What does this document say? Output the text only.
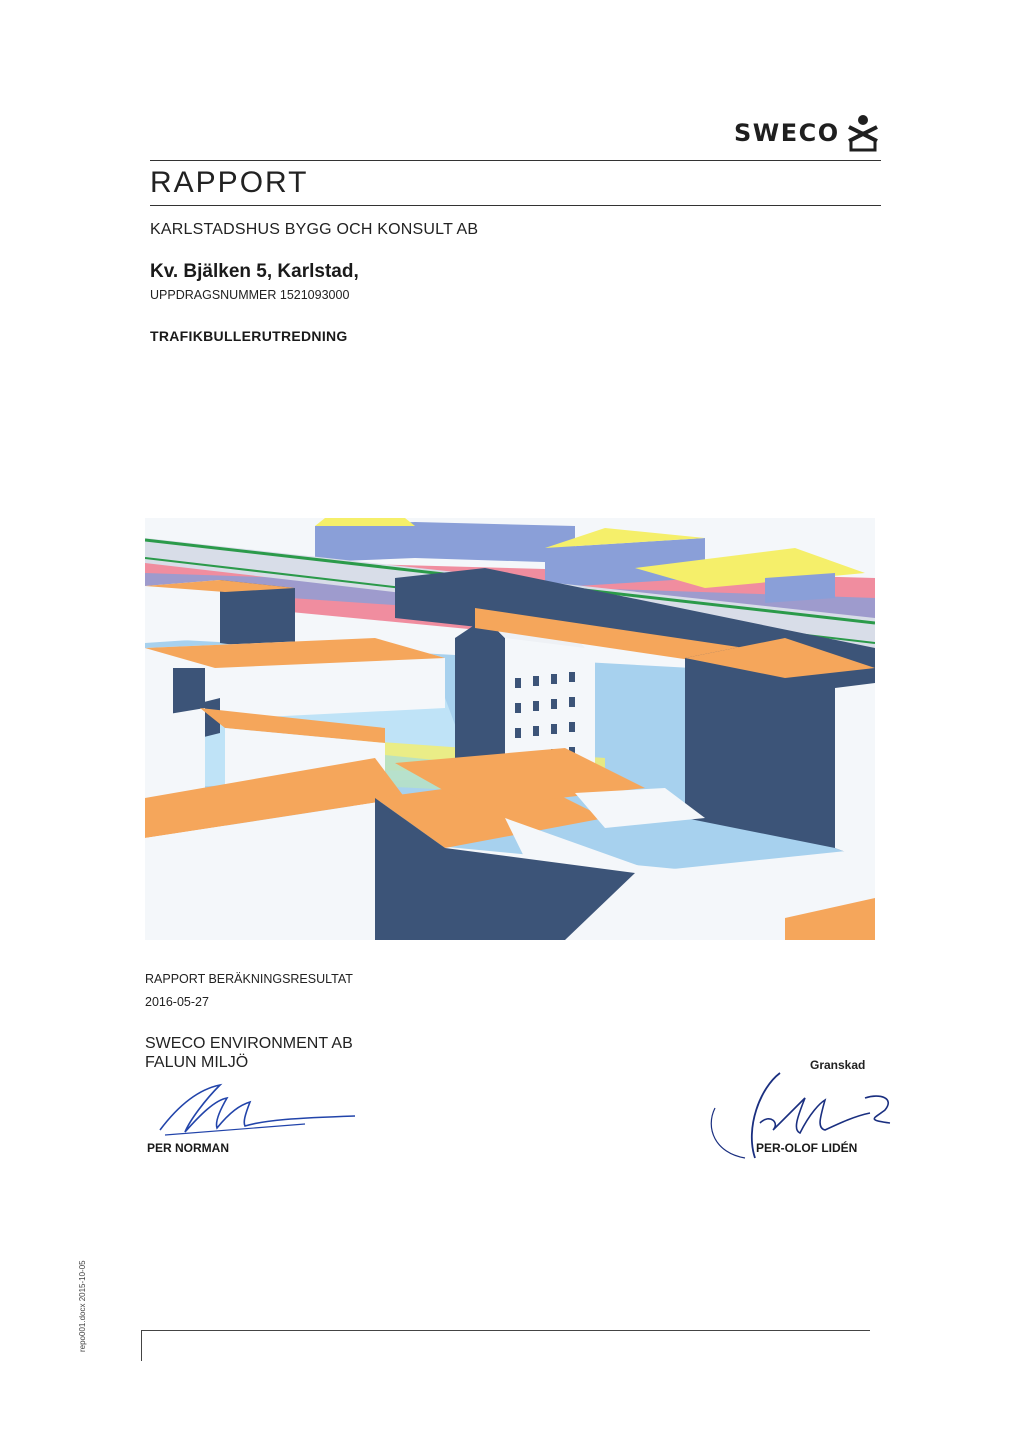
SWECO
RAPPORT
KARLSTADSHUS BYGG OCH KONSULT AB
Kv. Bjälken 5, Karlstad,
UPPDRAGSNUMMER 1521093000
TRAFIKBULLERUTREDNING
RAPPORT BERÄKNINGSRESULTAT
2016-05-27
SWECO ENVIRONMENT AB
FALUN MILJÖ	Granskad
PER NORMAN	PER-OLOF LIDÉN
repo001.docx 2015-10-05
